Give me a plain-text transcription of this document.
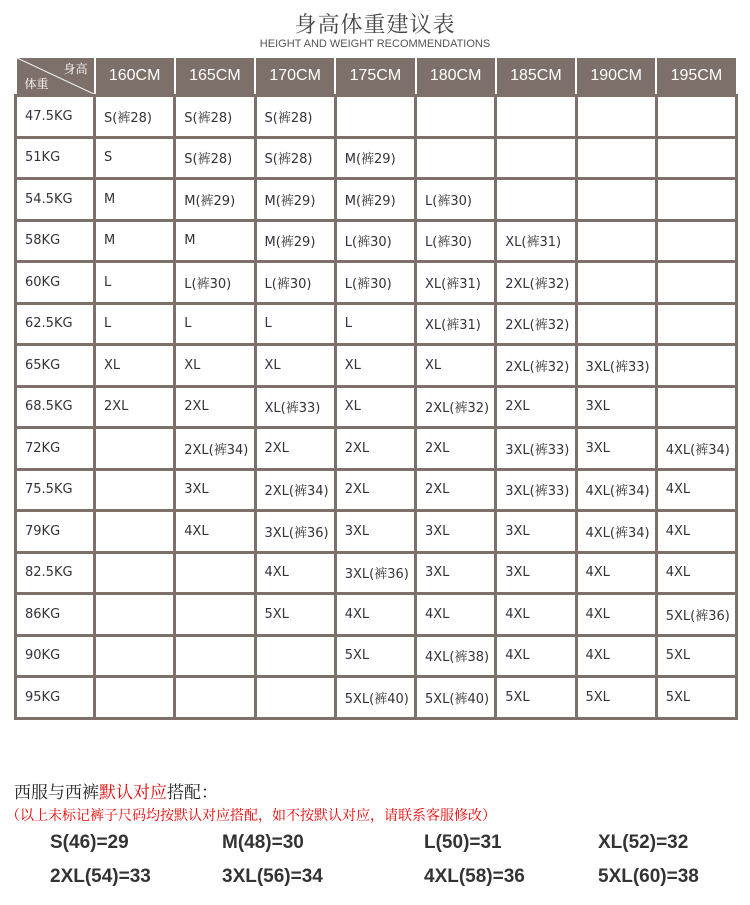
身高体重建议表
HEIGHT AND WEIGHT RECOMMENDATIONS
身高
体重	160CM	165CM	170CM	175CM	180CM	185CM	190CM	195CM
47.5KG	S(裤28)	S(裤28)	S(裤28)					
51KG	S	S(裤28)	S(裤28)	M(裤29)				
54.5KG	M	M(裤29)	M(裤29)	M(裤29)	L(裤30)			
58KG	M	M	M(裤29)	L(裤30)	L(裤30)	XL(裤31)		
60KG	L	L(裤30)	L(裤30)	L(裤30)	XL(裤31)	2XL(裤32)		
62.5KG	L	L	L	L	XL(裤31)	2XL(裤32)		
65KG	XL	XL	XL	XL	XL	2XL(裤32)	3XL(裤33)	
68.5KG	2XL	2XL	XL(裤33)	XL	2XL(裤32)	2XL	3XL	
72KG		2XL(裤34)	2XL	2XL	2XL	3XL(裤33)	3XL	4XL(裤34)
75.5KG		3XL	2XL(裤34)	2XL	2XL	3XL(裤33)	4XL(裤34)	4XL
79KG		4XL	3XL(裤36)	3XL	3XL	3XL	4XL(裤34)	4XL
82.5KG			4XL	3XL(裤36)	3XL	3XL	4XL	4XL
86KG			5XL	4XL	4XL	4XL	4XL	5XL(裤36)
90KG				5XL	4XL(裤38)	4XL	4XL	5XL
95KG				5XL(裤40)	5XL(裤40)	5XL	5XL	5XL
西服与西裤默认对应搭配：
（以上未标记裤子尺码均按默认对应搭配，如不按默认对应，请联系客服修改）
S(46)=29	M(48)=30	L(50)=31	XL(52)=32
2XL(54)=33	3XL(56)=34	4XL(58)=36	5XL(60)=38
